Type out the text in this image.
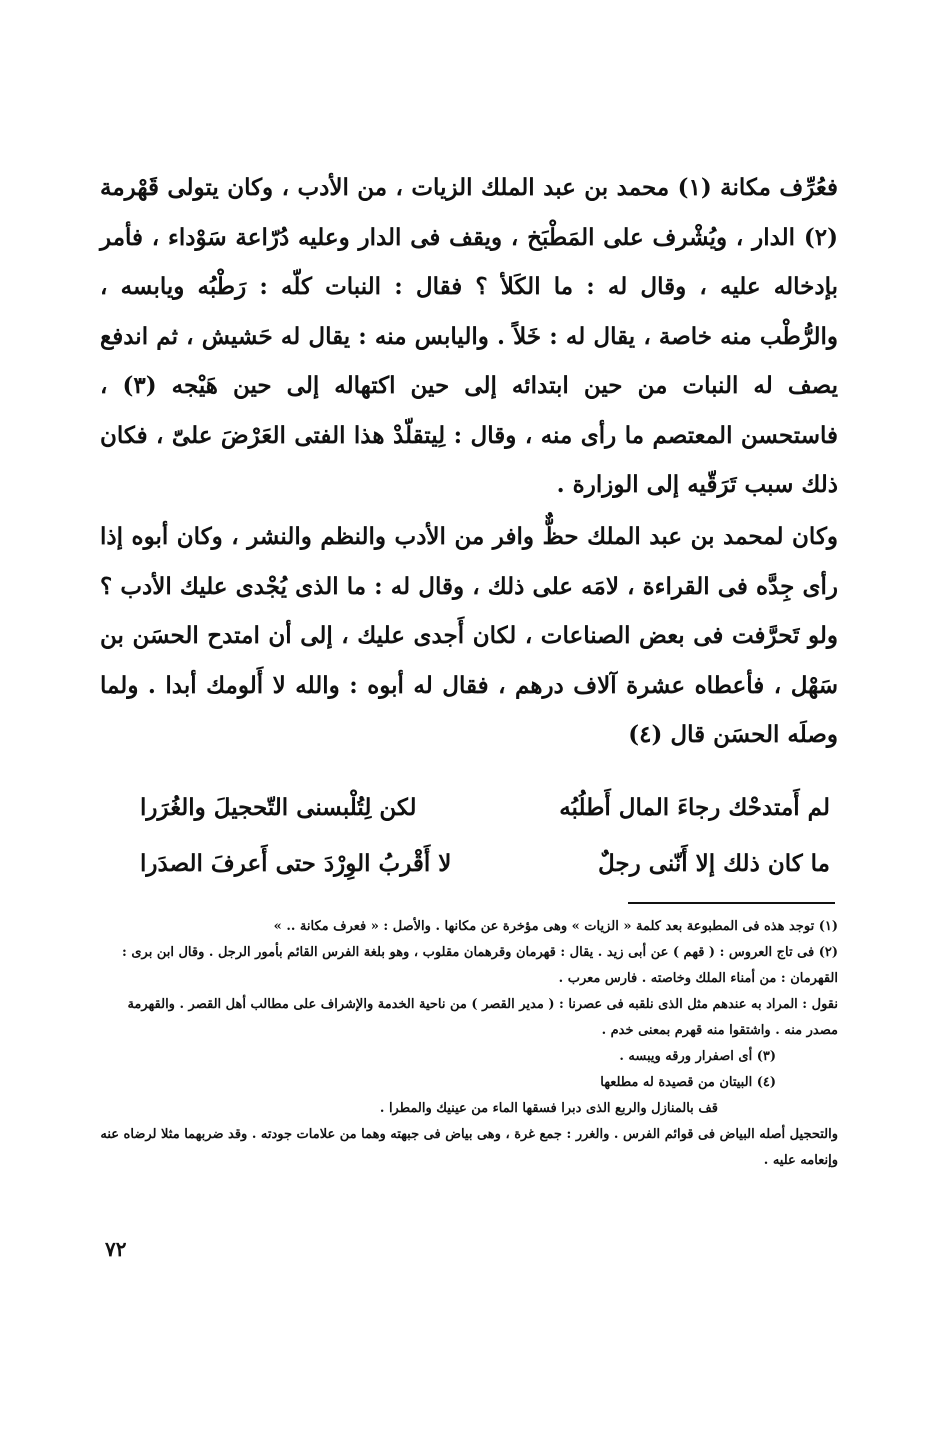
فعُرِّف مكانة (١) محمد بن عبد الملك الزيات ، من الأدب ، وكان يتولى قَهْرمة (٢) الدار ، ويُشْرف على المَطْبَخ ، ويقف فى الدار وعليه دُرّاعة سَوْداء ، فأمر بإدخاله عليه ، وقال له : ما الكَلأ ؟ فقال : النبات كلّه : رَطْبُه ويابسه ، والرُّطْب منه خاصة ، يقال له : خَلاً . واليابس منه : يقال له حَشيش ، ثم اندفع يصف له النبات من حين ابتدائه إلى حين اكتهاله إلى حين هَيْجه (٣) ، فاستحسن المعتصم ما رأى منه ، وقال : لِيتقلّدْ هذا الفتى العَرْضَ علىّ ، فكان ذلك سبب تَرَقّيه إلى الوزارة .

وكان لمحمد بن عبد الملك حظٌّ وافر من الأدب والنظم والنشر ، وكان أبوه إذا رأى جِدَّه فى القراءة ، لامَه على ذلك ، وقال له : ما الذى يُجْدى عليك الأدب ؟ ولو تَحرَّفت فى بعض الصناعات ، لكان أَجدى عليك ، إلى أن امتدح الحسَن بن سَهْل ، فأعطاه عشرة آلاف درهم ، فقال له أبوه : والله لا أَلومك أبدا . ولما وصلَه الحسَن قال (٤)

لم أَمتدحْك رجاءَ المال أَطلُبُه
لكن لِتُلْبسنى التّحجيلَ والغُرَرا
ما كان ذلك إلا أَنّنى رجلٌ
لا أَقْربُ الوِرْدَ حتى أَعرفَ الصدَرا

(١) توجد هذه فى المطبوعة بعد كلمة « الزيات » وهى مؤخرة عن مكانها . والأصل : « فعرف مكانة .. »

(٢) فى تاج العروس : ( قهم ) عن أبى زيد . يقال : قهرمان وقرهمان مقلوب ، وهو بلغة الفرس القائم بأمور الرجل . وقال ابن برى : القهرمان : من أمناء الملك وخاصته . فارس معرب .

نقول : المراد به عندهم مثل الذى نلقبه فى عصرنا : ( مدير القصر ) من ناحية الخدمة والإشراف على مطالب أهل القصر . والقهرمة مصدر منه . واشتقوا منه قهرم بمعنى خدم .

(٣) أى اصفرار ورقه ويبسه .

(٤) البيتان من قصيدة له مطلعها

قف بالمنازل والربع الذى دبرا فسقها الماء من عينيك والمطرا .

والتحجيل أصله البياض فى قوائم الفرس . والغرر : جمع غرة ، وهى بياض فى جبهته وهما من علامات جودته . وقد ضربهما مثلا لرضاه عنه وإنعامه عليه .

٧٢
